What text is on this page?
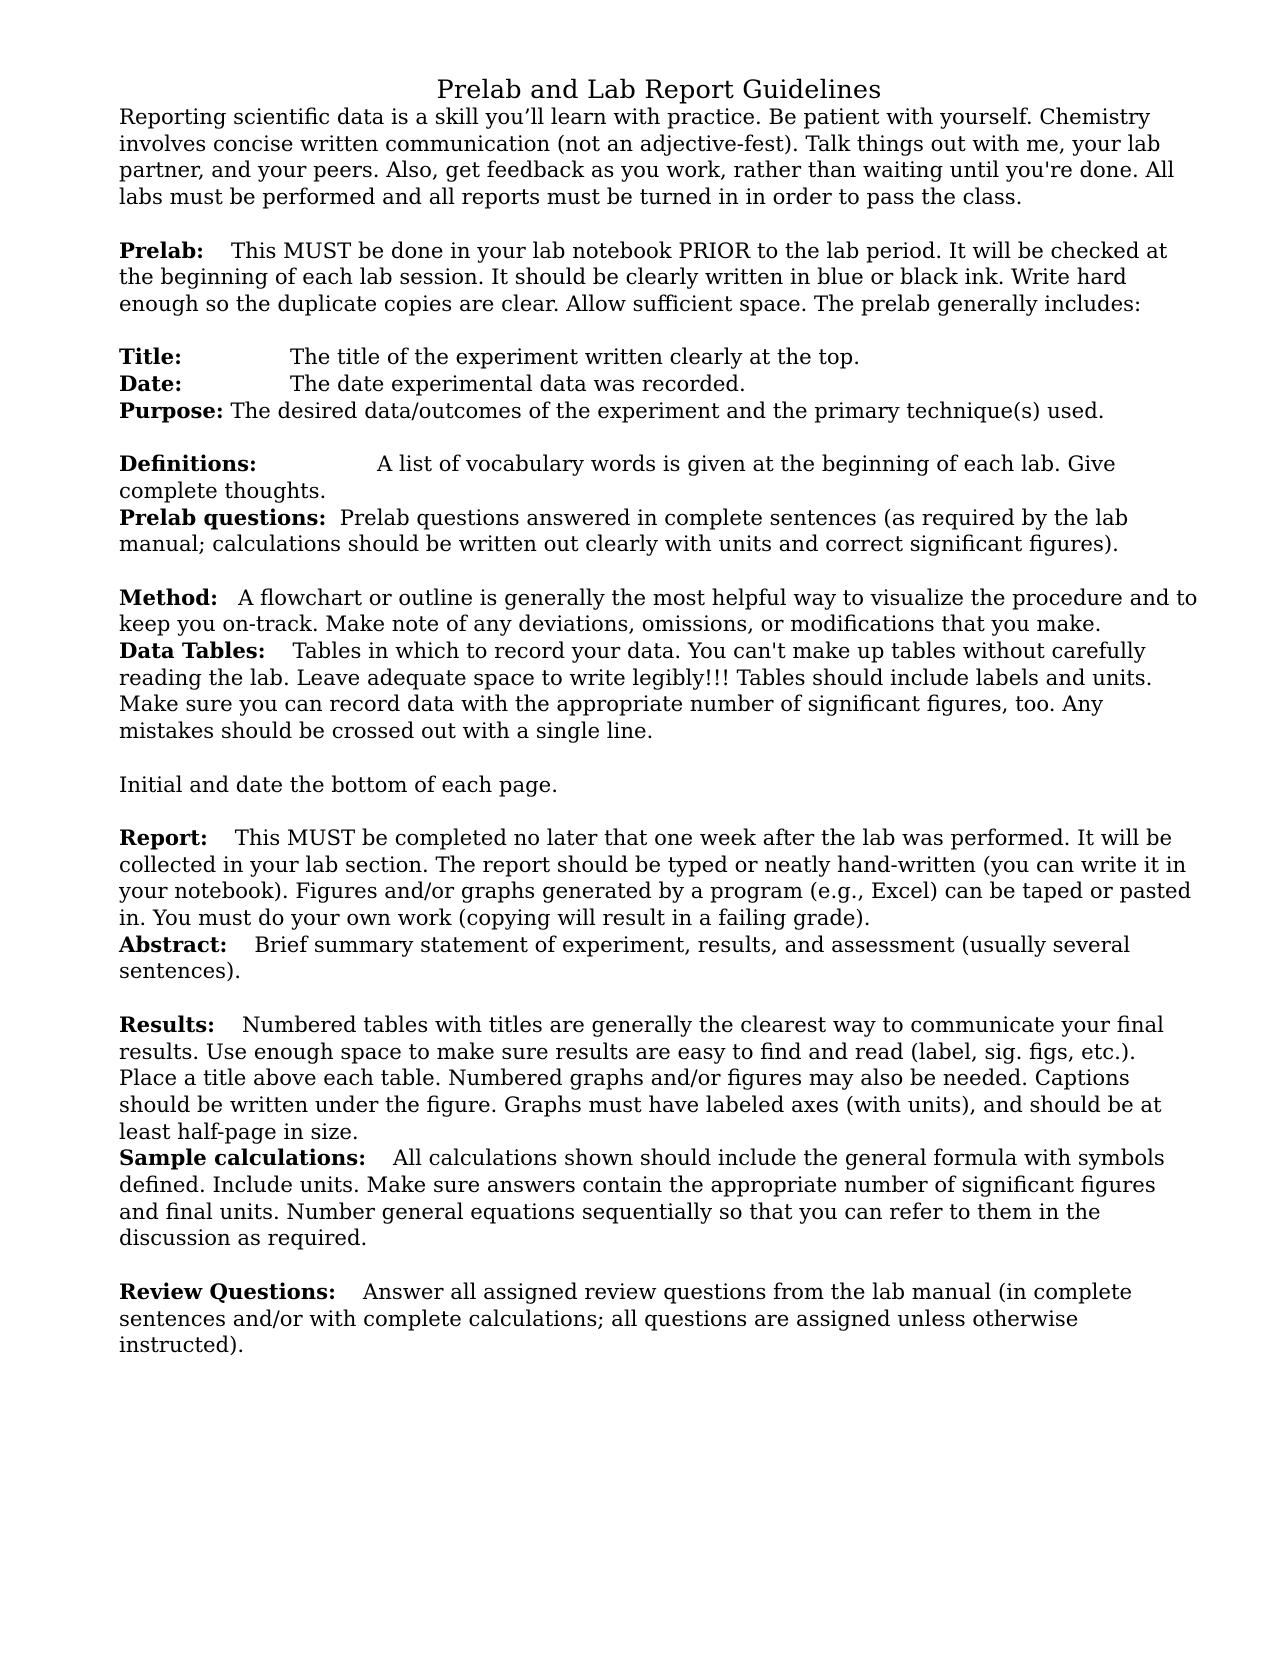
Prelab and Lab Report Guidelines

Reporting scientific data is a skill you’ll learn with practice. Be patient with yourself. Chemistry involves concise written communication (not an adjective-fest). Talk things out with me, your lab partner, and your peers. Also, get feedback as you work, rather than waiting until you're done. All labs must be performed and all reports must be turned in in order to pass the class.

Prelab: This MUST be done in your lab notebook PRIOR to the lab period. It will be checked at the beginning of each lab session. It should be clearly written in blue or black ink. Write hard enough so the duplicate copies are clear. Allow sufficient space. The prelab generally includes:

Title:	The title of the experiment written clearly at the top.

Date:	The date experimental data was recorded.

Purpose: The desired data/outcomes of the experiment and the primary technique(s) used.

Definitions:	A list of vocabulary words is given at the beginning of each lab. Give complete thoughts.

Prelab questions: Prelab questions answered in complete sentences (as required by the lab manual; calculations should be written out clearly with units and correct significant figures).

Method: A flowchart or outline is generally the most helpful way to visualize the procedure and to keep you on-track. Make note of any deviations, omissions, or modifications that you make.

Data Tables: Tables in which to record your data. You can't make up tables without carefully reading the lab. Leave adequate space to write legibly!!! Tables should include labels and units. Make sure you can record data with the appropriate number of significant figures, too. Any mistakes should be crossed out with a single line.

Initial and date the bottom of each page.

Report: This MUST be completed no later that one week after the lab was performed. It will be collected in your lab section. The report should be typed or neatly hand-written (you can write it in your notebook). Figures and/or graphs generated by a program (e.g., Excel) can be taped or pasted in. You must do your own work (copying will result in a failing grade).

Abstract: Brief summary statement of experiment, results, and assessment (usually several sentences).

Results: Numbered tables with titles are generally the clearest way to communicate your final results. Use enough space to make sure results are easy to find and read (label, sig. figs, etc.). Place a title above each table. Numbered graphs and/or figures may also be needed. Captions should be written under the figure. Graphs must have labeled axes (with units), and should be at least half-page in size.

Sample calculations: All calculations shown should include the general formula with symbols defined. Include units. Make sure answers contain the appropriate number of significant figures and final units. Number general equations sequentially so that you can refer to them in the discussion as required.

Review Questions: Answer all assigned review questions from the lab manual (in complete sentences and/or with complete calculations; all questions are assigned unless otherwise instructed).
